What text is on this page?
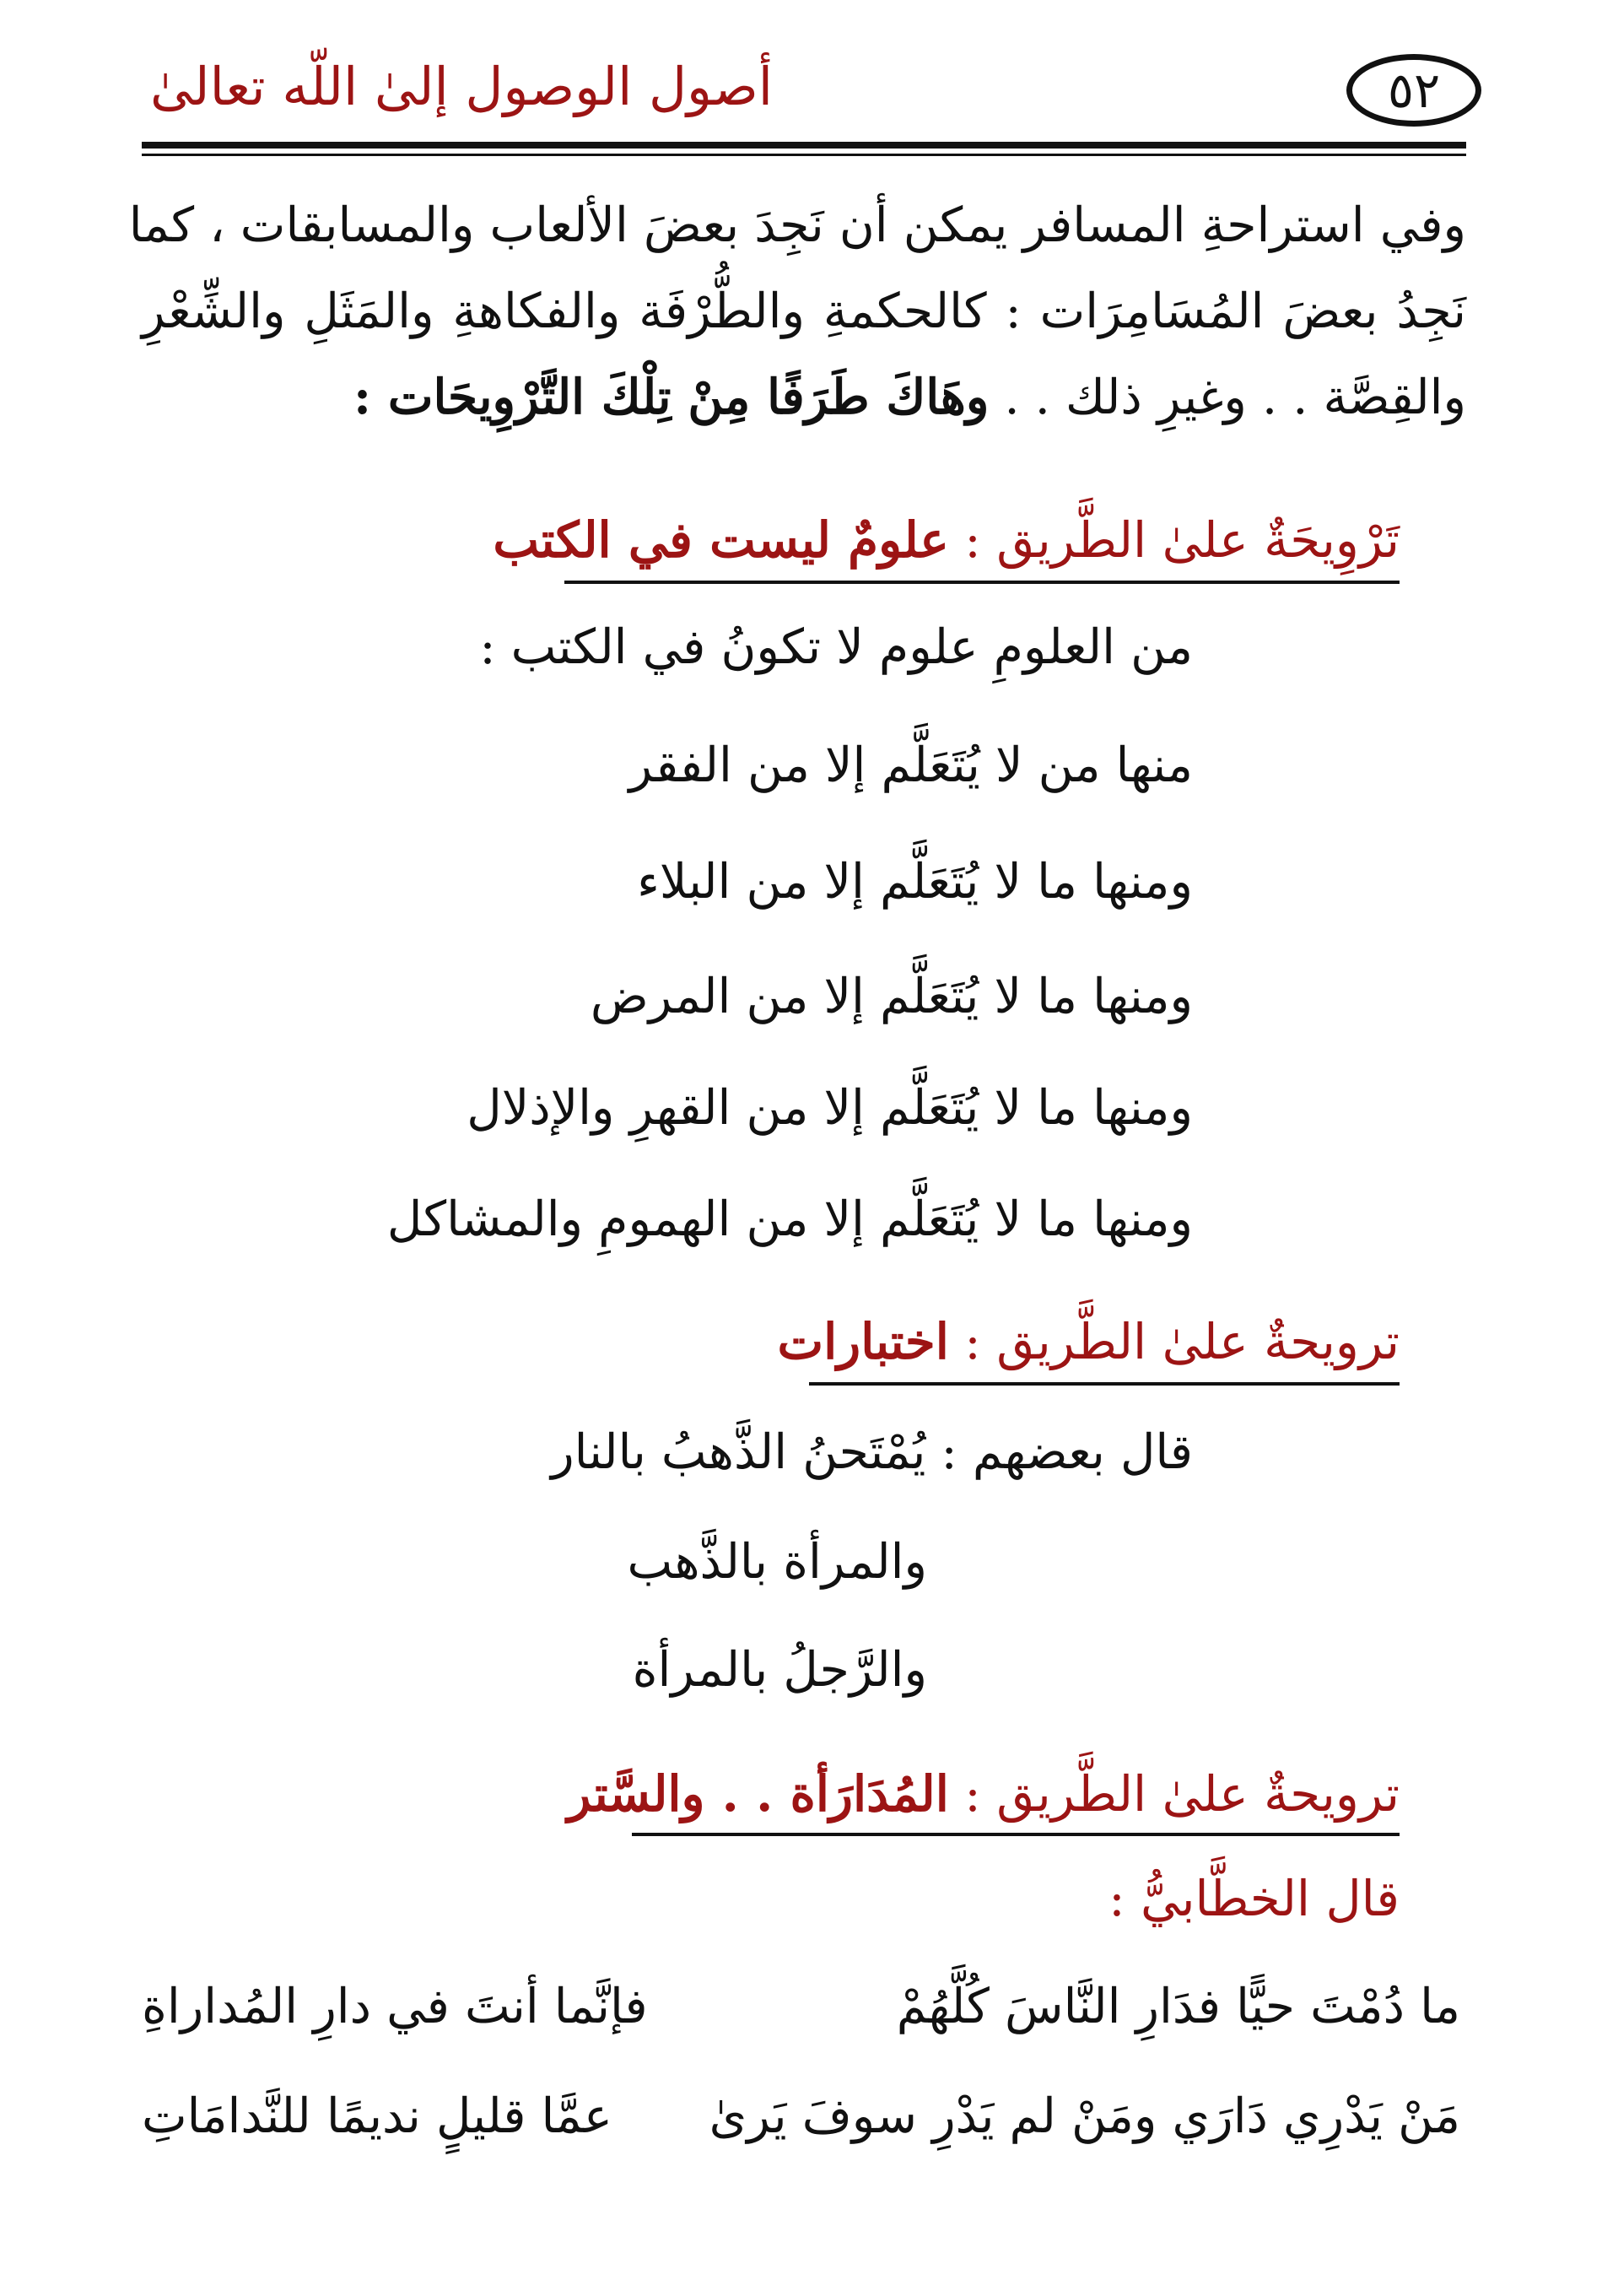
أصول الوصول إلىٰ اللّه تعالىٰ	٥٢
وفي استراحةِ المسافر يمكن أن نَجِدَ بعضَ الألعاب والمسابقات ، كما
نَجِدُ بعضَ المُسَامِرَات : كالحكمةِ والطُّرْفَة والفكاهةِ والمَثَلِ والشِّعْرِ
والقِصَّة . . وغيرِ ذلك . . وهَاكَ طَرَفًا مِنْ تِلْكَ التَّرْوِيحَات :
تَرْوِيحَةٌ علىٰ الطَّريق : علومٌ ليست في الكتب
من العلومِ علوم لا تكونُ في الكتب :
منها من لا يُتَعَلَّم إلا من الفقر
ومنها ما لا يُتَعَلَّم إلا من البلاء
ومنها ما لا يُتَعَلَّم إلا من المرض
ومنها ما لا يُتَعَلَّم إلا من القهرِ والإذلال
ومنها ما لا يُتَعَلَّم إلا من الهمومِ والمشاكل
ترويحةٌ علىٰ الطَّريق : اختبارات
قال بعضهم : يُمْتَحنُ الذَّهبُ بالنار
والمرأة بالذَّهب
والرَّجلُ بالمرأة
ترويحةٌ علىٰ الطَّريق : المُدَارَأة . . والسَّتر
قال الخطَّابيُّ :
ما دُمْتَ حيًّا فدَارِ النَّاسَ كُلَّهُمْ
فإنَّما أنتَ في دارِ المُداراةِ
مَنْ يَدْرِي دَارَي ومَنْ لم يَدْرِ سوفَ يَرىٰ
عمَّا قليلٍ نديمًا للنَّدامَاتِ
